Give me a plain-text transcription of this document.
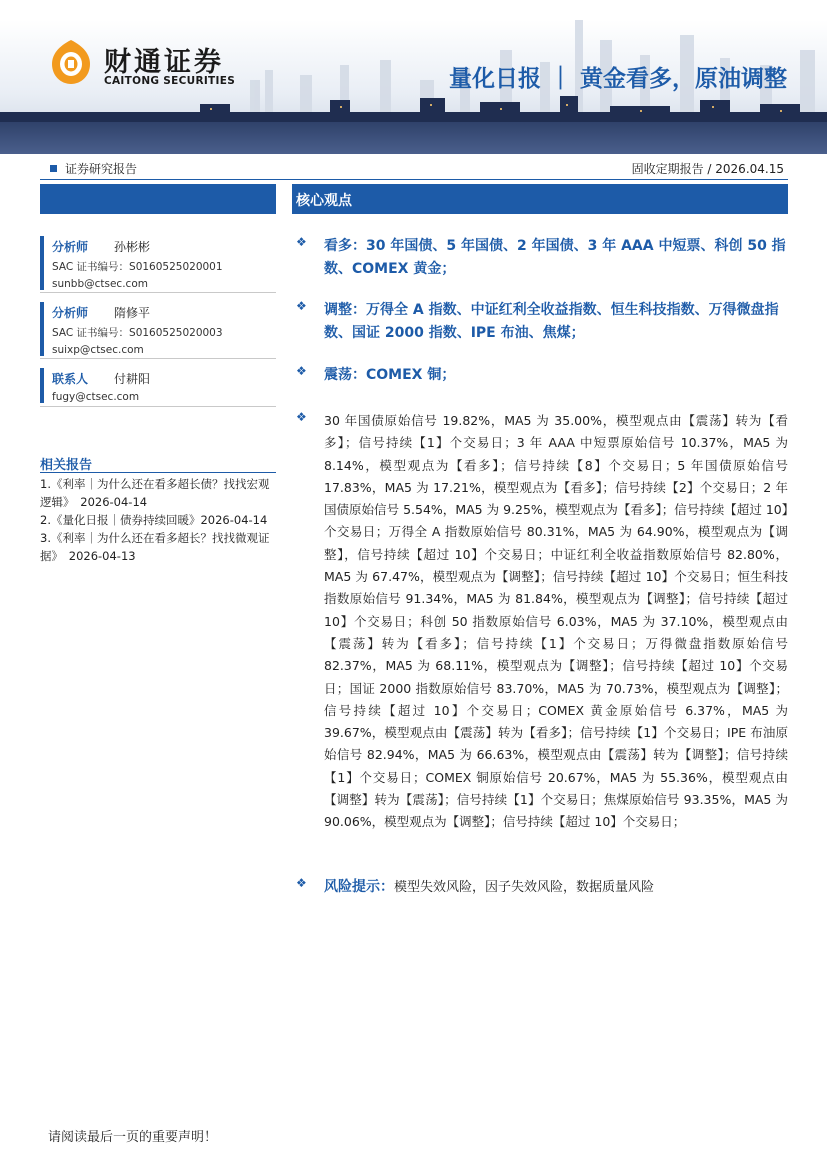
财通证券
CAITONG SECURITIES	量化日报 ｜ 黄金看多，原油调整
证券研究报告	固收定期报告 / 2026.04.15
分析师 孙彬彬
SAC 证书编号：S0160525020001
sunbb@ctsec.com
分析师 隋修平
SAC 证书编号：S0160525020003
suixp@ctsec.com
联系人 付耕阳
fugy@ctsec.com
相关报告
1.《利率｜为什么还在看多超长债？找找宏观逻辑》　2026-04-14
2.《量化日报｜债券持续回暖》2026-04-14
3.《利率｜为什么还在看多超长？找找微观证据》　2026-04-13
核心观点
❖ 看多：30 年国债、5 年国债、2 年国债、3 年 AAA 中短票、科创 50 指数、COMEX 黄金；
❖ 调整：万得全 A 指数、中证红利全收益指数、恒生科技指数、万得微盘指数、国证 2000 指数、IPE 布油、焦煤；
❖ 震荡：COMEX 铜；
❖ 30 年国债原始信号 19.82%，MA5 为 35.00%，模型观点由【震荡】转为【看多】；信号持续【1】个交易日；3 年 AAA 中短票原始信号 10.37%，MA5 为 8.14%，模型观点为【看多】；信号持续【8】个交易日；5 年国债原始信号 17.83%，MA5 为 17.21%，模型观点为【看多】；信号持续【2】个交易日；2 年国债原始信号 5.54%，MA5 为 9.25%，模型观点为【看多】；信号持续【超过 10】个交易日；万得全 A 指数原始信号 80.31%，MA5 为 64.90%，模型观点为【调整】，信号持续【超过 10】个交易日；中证红利全收益指数原始信号 82.80%，MA5 为 67.47%，模型观点为【调整】；信号持续【超过 10】个交易日；恒生科技指数原始信号 91.34%，MA5 为 81.84%，模型观点为【调整】；信号持续【超过 10】个交易日；科创 50 指数原始信号 6.03%，MA5 为 37.10%，模型观点由【震荡】转为【看多】；信号持续【1】个交易日；万得微盘指数原始信号 82.37%，MA5 为 68.11%，模型观点为【调整】；信号持续【超过 10】个交易日；国证 2000 指数原始信号 83.70%，MA5 为 70.73%，模型观点为【调整】；信号持续【超过 10】个交易日；COMEX 黄金原始信号 6.37%，MA5 为 39.67%，模型观点由【震荡】转为【看多】；信号持续【1】个交易日；IPE 布油原始信号 82.94%，MA5 为 66.63%，模型观点由【震荡】转为【调整】；信号持续【1】个交易日；COMEX 铜原始信号 20.67%，MA5 为 55.36%，模型观点由【调整】转为【震荡】；信号持续【1】个交易日；焦煤原始信号 93.35%，MA5 为 90.06%，模型观点为【调整】；信号持续【超过 10】个交易日；
❖ 风险提示：模型失效风险，因子失效风险，数据质量风险
请阅读最后一页的重要声明！
